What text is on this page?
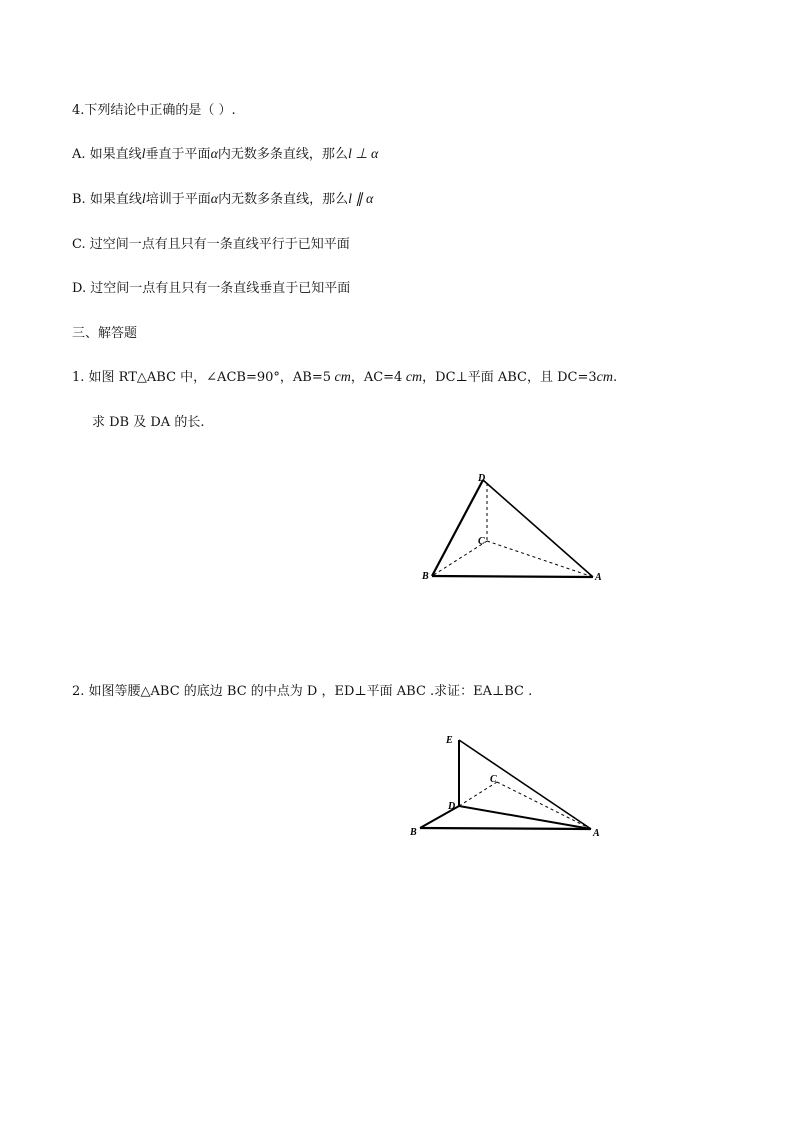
4.下列结论中正确的是（ ）.
A. 如果直线l垂直于平面α内无数多条直线，那么l ⊥ α
B. 如果直线l培训于平面α内无数多条直线，那么l ∥ α
C. 过空间一点有且只有一条直线平行于已知平面
D. 过空间一点有且只有一条直线垂直于已知平面
三、解答题
1. 如图 RT△ABC 中，∠ACB=90°，AB=5 cm，AC=4 cm，DC⊥平面 ABC，且 DC=3cm.
求 DB 及 DA 的长.
D
C
B	A
2. 如图等腰△ABC 的底边 BC 的中点为 D ，ED⊥平面 ABC .求证：EA⊥BC .
E
C
D
B	A
